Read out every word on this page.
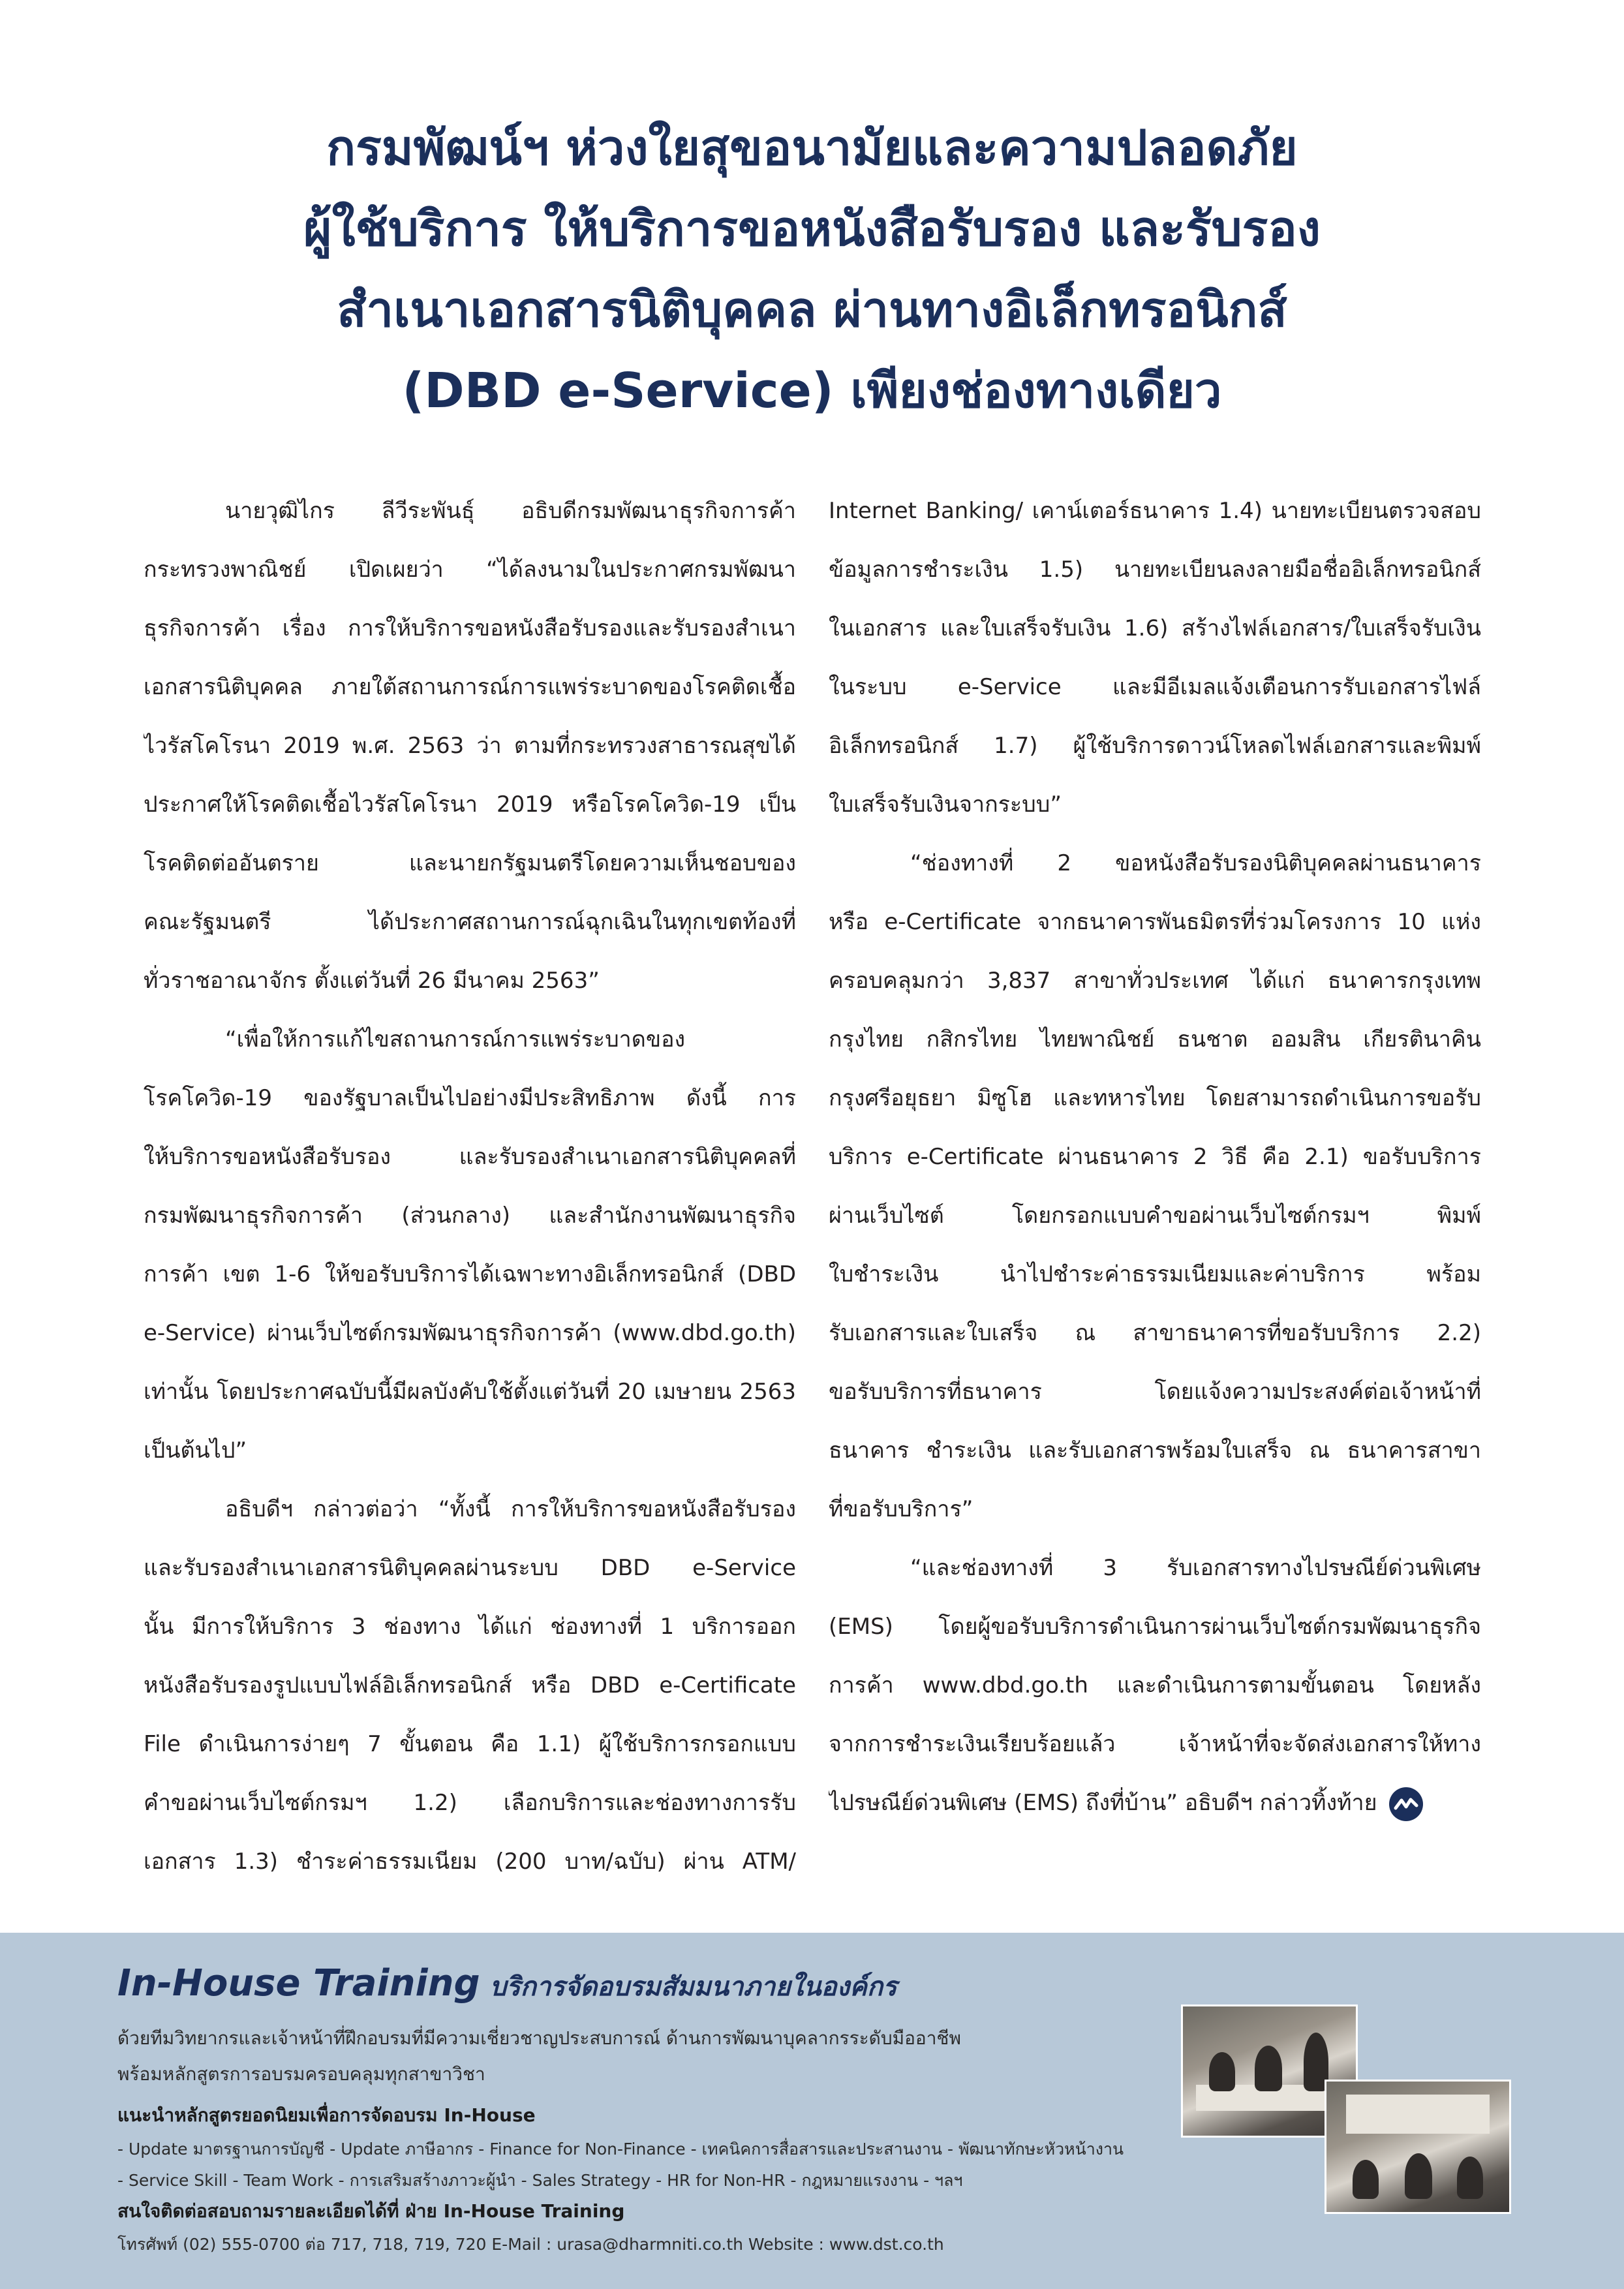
กรมพัฒน์ฯ ห่วงใยสุขอนามัยและความปลอดภัย
ผู้ใช้บริการ ให้บริการขอหนังสือรับรอง และรับรอง
สำเนาเอกสารนิติบุคคล ผ่านทางอิเล็กทรอนิกส์
(DBD e-Service) เพียงช่องทางเดียว
นายวุฒิไกร ลีวีระพันธุ์ อธิบดีกรมพัฒนาธุรกิจการค้า
กระทรวงพาณิชย์ เปิดเผยว่า “ได้ลงนามในประกาศกรมพัฒนา
ธุรกิจการค้า เรื่อง การให้บริการขอหนังสือรับรองและรับรองสำเนา
เอกสารนิติบุคคล ภายใต้สถานการณ์การแพร่ระบาดของโรคติดเชื้อ
ไวรัสโคโรนา 2019 พ.ศ. 2563 ว่า ตามที่กระทรวงสาธารณสุขได้
ประกาศให้โรคติดเชื้อไวรัสโคโรนา 2019 หรือโรคโควิด-19 เป็น
โรคติดต่ออันตราย และนายกรัฐมนตรีโดยความเห็นชอบของ
คณะรัฐมนตรี ได้ประกาศสถานการณ์ฉุกเฉินในทุกเขตท้องที่
ทั่วราชอาณาจักร ตั้งแต่วันที่ 26 มีนาคม 2563”
“เพื่อให้การแก้ไขสถานการณ์การแพร่ระบาดของ
โรคโควิด-19 ของรัฐบาลเป็นไปอย่างมีประสิทธิภาพ ดังนี้ การ
ให้บริการขอหนังสือรับรอง และรับรองสำเนาเอกสารนิติบุคคลที่
กรมพัฒนาธุรกิจการค้า (ส่วนกลาง) และสำนักงานพัฒนาธุรกิจ
การค้า เขต 1-6 ให้ขอรับบริการได้เฉพาะทางอิเล็กทรอนิกส์ (DBD
e-Service) ผ่านเว็บไซต์กรมพัฒนาธุรกิจการค้า (www.dbd.go.th)
เท่านั้น โดยประกาศฉบับนี้มีผลบังคับใช้ตั้งแต่วันที่ 20 เมษายน 2563
เป็นต้นไป”
อธิบดีฯ กล่าวต่อว่า “ทั้งนี้ การให้บริการขอหนังสือรับรอง
และรับรองสำเนาเอกสารนิติบุคคลผ่านระบบ DBD e-Service
นั้น มีการให้บริการ 3 ช่องทาง ได้แก่ ช่องทางที่ 1 บริการออก
หนังสือรับรองรูปแบบไฟล์อิเล็กทรอนิกส์ หรือ DBD e-Certificate
File ดำเนินการง่ายๆ 7 ขั้นตอน คือ 1.1) ผู้ใช้บริการกรอกแบบ
คำขอผ่านเว็บไซต์กรมฯ 1.2) เลือกบริการและช่องทางการรับ
เอกสาร 1.3) ชำระค่าธรรมเนียม (200 บาท/ฉบับ) ผ่าน ATM/
Internet Banking/ เคาน์เตอร์ธนาคาร 1.4) นายทะเบียนตรวจสอบ
ข้อมูลการชำระเงิน 1.5) นายทะเบียนลงลายมือชื่ออิเล็กทรอนิกส์
ในเอกสาร และใบเสร็จรับเงิน 1.6) สร้างไฟล์เอกสาร/ใบเสร็จรับเงิน
ในระบบ e-Service และมีอีเมลแจ้งเตือนการรับเอกสารไฟล์
อิเล็กทรอนิกส์ 1.7) ผู้ใช้บริการดาวน์โหลดไฟล์เอกสารและพิมพ์
ใบเสร็จรับเงินจากระบบ”
“ช่องทางที่ 2 ขอหนังสือรับรองนิติบุคคลผ่านธนาคาร
หรือ e-Certificate จากธนาคารพันธมิตรที่ร่วมโครงการ 10 แห่ง
ครอบคลุมกว่า 3,837 สาขาทั่วประเทศ ได้แก่ ธนาคารกรุงเทพ
กรุงไทย กสิกรไทย ไทยพาณิชย์ ธนชาต ออมสิน เกียรตินาคิน
กรุงศรีอยุธยา มิซูโฮ และทหารไทย โดยสามารถดำเนินการขอรับ
บริการ e-Certificate ผ่านธนาคาร 2 วิธี คือ 2.1) ขอรับบริการ
ผ่านเว็บไซต์ โดยกรอกแบบคำขอผ่านเว็บไซต์กรมฯ พิมพ์
ใบชำระเงิน นำไปชำระค่าธรรมเนียมและค่าบริการ พร้อม
รับเอกสารและใบเสร็จ ณ สาขาธนาคารที่ขอรับบริการ 2.2)
ขอรับบริการที่ธนาคาร โดยแจ้งความประสงค์ต่อเจ้าหน้าที่
ธนาคาร ชำระเงิน และรับเอกสารพร้อมใบเสร็จ ณ ธนาคารสาขา
ที่ขอรับบริการ”
“และช่องทางที่ 3 รับเอกสารทางไปรษณีย์ด่วนพิเศษ
(EMS) โดยผู้ขอรับบริการดำเนินการผ่านเว็บไซต์กรมพัฒนาธุรกิจ
การค้า www.dbd.go.th และดำเนินการตามขั้นตอน โดยหลัง
จากการชำระเงินเรียบร้อยแล้ว เจ้าหน้าที่จะจัดส่งเอกสารให้ทาง
ไปรษณีย์ด่วนพิเศษ (EMS) ถึงที่บ้าน” อธิบดีฯ กล่าวทิ้งท้าย
In-House Training บริการจัดอบรมสัมมนาภายในองค์กร
ด้วยทีมวิทยากรและเจ้าหน้าที่ฝึกอบรมที่มีความเชี่ยวชาญประสบการณ์ ด้านการพัฒนาบุคลากรระดับมืออาชีพ
พร้อมหลักสูตรการอบรมครอบคลุมทุกสาขาวิชา
แนะนำหลักสูตรยอดนิยมเพื่อการจัดอบรม In-House
- Update มาตรฐานการบัญชี - Update ภาษีอากร - Finance for Non-Finance - เทคนิคการสื่อสารและประสานงาน - พัฒนาทักษะหัวหน้างาน
- Service Skill - Team Work - การเสริมสร้างภาวะผู้นำ - Sales Strategy - HR for Non-HR - กฎหมายแรงงาน - ฯลฯ
สนใจติดต่อสอบถามรายละเอียดได้ที่ ฝ่าย In-House Training
โทรศัพท์ (02) 555-0700 ต่อ 717, 718, 719, 720 E-Mail : urasa@dharmniti.co.th Website : www.dst.co.th
